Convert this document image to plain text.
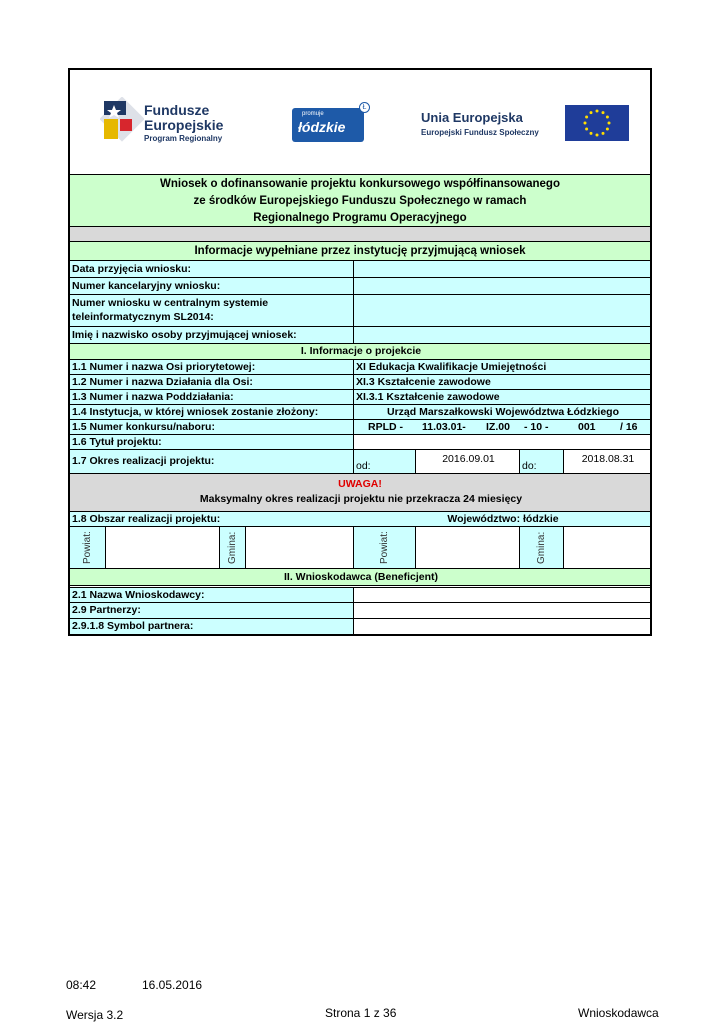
Fundusze
Europejskie
Program Regionalny
promuje
łódzkie
Ł
Unia Europejska
Europejski Fundusz Społeczny
Wniosek o dofinansowanie projektu konkursowego współfinansowanego
ze środków Europejskiego Funduszu Społecznego w ramach
Regionalnego Programu Operacyjnego
Informacje wypełniane przez instytucję przyjmującą wniosek
Data przyjęcia wniosku:
Numer kancelaryjny wniosku:
Numer wniosku w centralnym systemie
teleinformatycznym SL2014:
Imię i nazwisko osoby przyjmującej wniosek:
I. Informacje o projekcie
1.1 Numer i nazwa Osi priorytetowej:	XI Edukacja Kwalifikacje Umiejętności
1.2 Numer i nazwa Działania dla Osi:	XI.3 Kształcenie zawodowe
1.3 Numer i nazwa Poddziałania:	XI.3.1 Kształcenie zawodowe
1.4 Instytucja, w której wniosek zostanie złożony:	Urząd Marszałkowski Województwa Łódzkiego
1.5 Numer konkursu/naboru:	RPLD - 11.03.01- IZ.00 - 10 -	001 / 16
1.6 Tytuł projektu:
1.7 Okres realizacji projektu:	od:
2016.09.01
do:
2018.08.31
UWAGA!
Maksymalny okres realizacji projektu nie przekracza 24 miesięcy
1.8 Obszar realizacji projektu:	Województwo: łódzkie
Powiat:	Gmina:	Powiat:	Gmina:
II. Wnioskodawca (Beneficjent)
2.1 Nazwa Wnioskodawcy:
2.9 Partnerzy:
2.9.1.8 Symbol partnera:
08:42	16.05.2016
Wersja 3.2	Strona 1 z 36	Wnioskodawca
